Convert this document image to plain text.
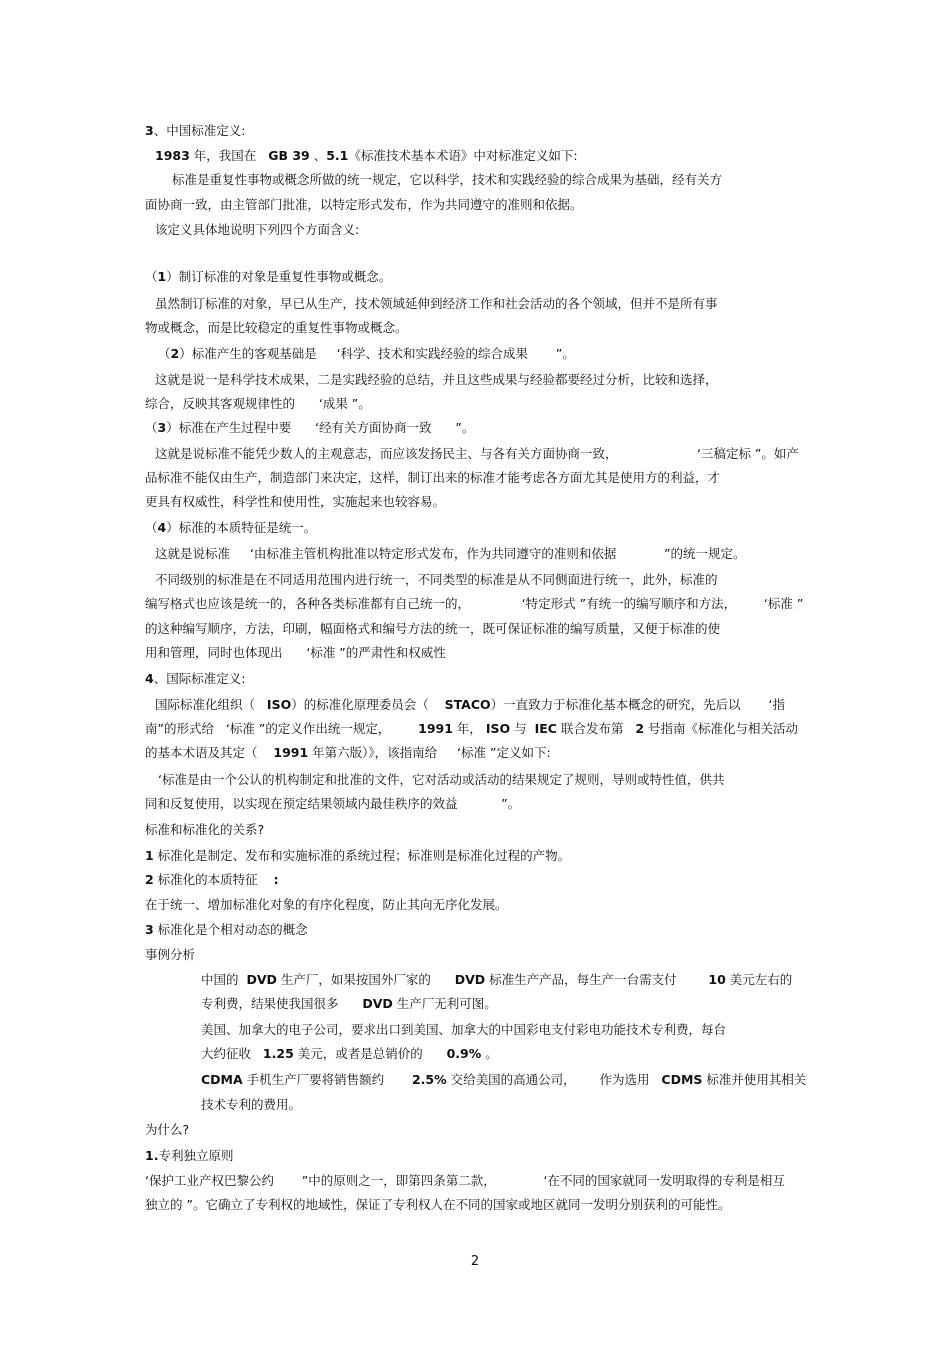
3、中国标准定义:
1983 年，我国在   GB 39 、5.1《标准技术基本术语》中对标准定义如下:
标准是重复性事物或概念所做的统一规定，它以科学，技术和实践经验的综合成果为基础，经有关方
面协商一致，由主管部门批准，以特定形式发布，作为共同遵守的准则和依据。
该定义具体地说明下列四个方面含义:
（1）制订标准的对象是重复性事物或概念。
虽然制订标准的对象，早已从生产，技术领域延伸到经济工作和社会活动的各个领域，但并不是所有事
物或概念，而是比较稳定的重复性事物或概念。
（2）标准产生的客观基础是     ‘科学、技术和实践经验的综合成果       ”。
这就是说一是科学技术成果，二是实践经验的总结，并且这些成果与经验都要经过分析，比较和选择，
综合，反映其客观规律性的      ‘成果 ”。
（3）标准在产生过程中要      ‘经有关方面协商一致      ”。
这就是说标准不能凭少数人的主观意志，而应该发扬民主、与各有关方面协商一致，                    ‘三稿定标 ”。如产
品标准不能仅由生产，制造部门来决定，这样，制订出来的标准才能考虑各方面尤其是使用方的利益，才
更具有权威性，科学性和使用性，实施起来也较容易。
（4）标准的本质特征是统一。
这就是说标准     ‘由标准主管机构批准以特定形式发布，作为共同遵守的准则和依据            ”的统一规定。
不同级别的标准是在不同适用范围内进行统一，不同类型的标准是从不同侧面进行统一，此外，标准的
编写格式也应该是统一的，各种各类标准都有自己统一的，             ‘特定形式 ”有统一的编写顺序和方法，       ‘标准 ”
的这种编写顺序，方法，印刷，幅面格式和编号方法的统一，既可保证标准的编写质量，又便于标准的使
用和管理，同时也体现出      ‘标准 ”的严肃性和权威性
4、国际标准定义:
国际标准化组织（   ISO）的标准化原理委员会（    STACO）一直致力于标准化基本概念的研究，先后以       ‘指
南”的形式给   ‘标准 ”的定义作出统一规定，       1991 年， ISO 与  IEC 联合发布第   2 号指南《标准化与相关活动
的基本术语及其定（    1991 年第六版）》，该指南给     ‘标准 ”定义如下:
‘标准是由一个公认的机构制定和批准的文件，它对活动或活动的结果规定了规则，导则或特性值，供共
同和反复使用，以实现在预定结果领域内最佳秩序的效益           ”。
标准和标准化的关系?
1 标准化是制定、发布和实施标准的系统过程；标准则是标准化过程的产物。
2 标准化的本质特征    :
在于统一、增加标准化对象的有序化程度，防止其向无序化发展。
3 标准化是个相对动态的概念
事例分析
中国的  DVD 生产厂，如果按国外厂家的      DVD 标准生产产品，每生产一台需支付        10 美元左右的
专利费，结果使我国很多      DVD 生产厂无利可图。
美国、加拿大的电子公司，要求出口到美国、加拿大的中国彩电支付彩电功能技术专利费，每台
大约征收   1.25 美元，或者是总销价的      0.9% 。
CDMA 手机生产厂要将销售额约       2.5% 交给美国的高通公司，      作为选用   CDMS 标准并使用其相关
技术专利的费用。
为什么?
1.专利独立原则
‘保护工业产权巴黎公约       ”中的原则之一，即第四条第二款，            ‘在不同的国家就同一发明取得的专利是相互
独立的 ”。它确立了专利权的地域性，保证了专利权人在不同的国家或地区就同一发明分别获利的可能性。
2
